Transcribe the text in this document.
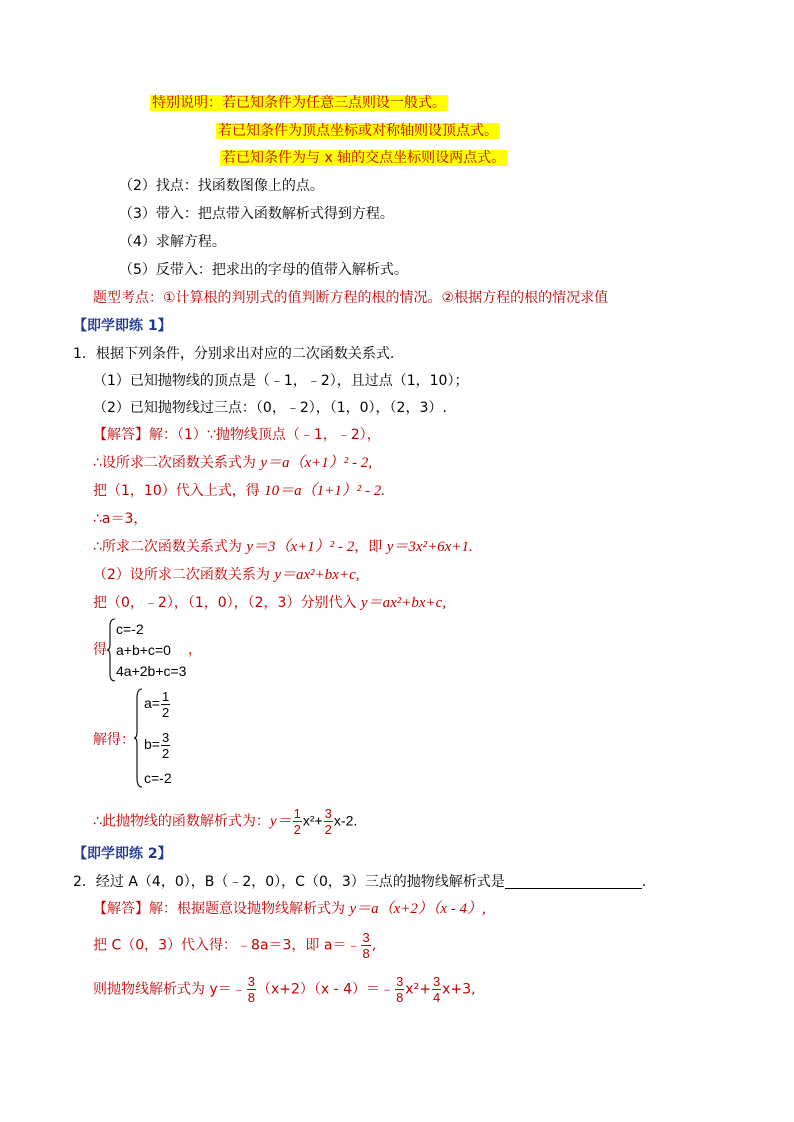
特别说明：若已知条件为任意三点则设一般式。
若已知条件为顶点坐标或对称轴则设顶点式。
若已知条件为与 x 轴的交点坐标则设两点式。
（2）找点：找函数图像上的点。
（3）带入：把点带入函数解析式得到方程。
（4）求解方程。
（5）反带入：把求出的字母的值带入解析式。
题型考点：①计算根的判别式的值判断方程的根的情况。②根据方程的根的情况求值
【即学即练 1】
1．根据下列条件，分别求出对应的二次函数关系式.
（1）已知抛物线的顶点是（﹣1，﹣2），且过点（1，10）；
（2）已知抛物线过三点：（0，﹣2），（1，0），（2，3）.
【解答】解：（1）∵抛物线顶点（﹣1，﹣2），
∴设所求二次函数关系式为 y＝a（x+1）² - 2,
把（1，10）代入上式，得 10＝a（1+1）² - 2.
∴a＝3，
∴所求二次函数关系式为 y＝3（x+1）² - 2，即 y＝3x²+6x+1.
（2）设所求二次函数关系为 y＝ax²+bx+c,
把（0，﹣2），（1，0），（2，3）分别代入 y＝ax²+bx+c,
得
c=-2
a+b+c=0
4a+2b+c=3
，
解得：
$a= \frac{1}{2}$
$b= \frac{3}{2}$
c=-2
∴此抛物线的函数解析式为：$y= \frac{1}{2} x^2+ \frac{3}{2} x-2$.
【即学即练 2】
2．经过 A（4，0），B（﹣2，0），C（0，3）三点的抛物线解析式是	.
【解答】解：根据题意设抛物线解析式为 y＝a（x+2）（x - 4）,
把 C（0，3）代入得：﹣8a＝3，即 a＝﹣ $\frac{3}{8}$ ,
则抛物线解析式为 y＝﹣ $\frac{3}{8} (x+2)(x$ - 4）＝﹣ $\frac{3}{8} x^2+ \frac{3}{4} x+3$,
